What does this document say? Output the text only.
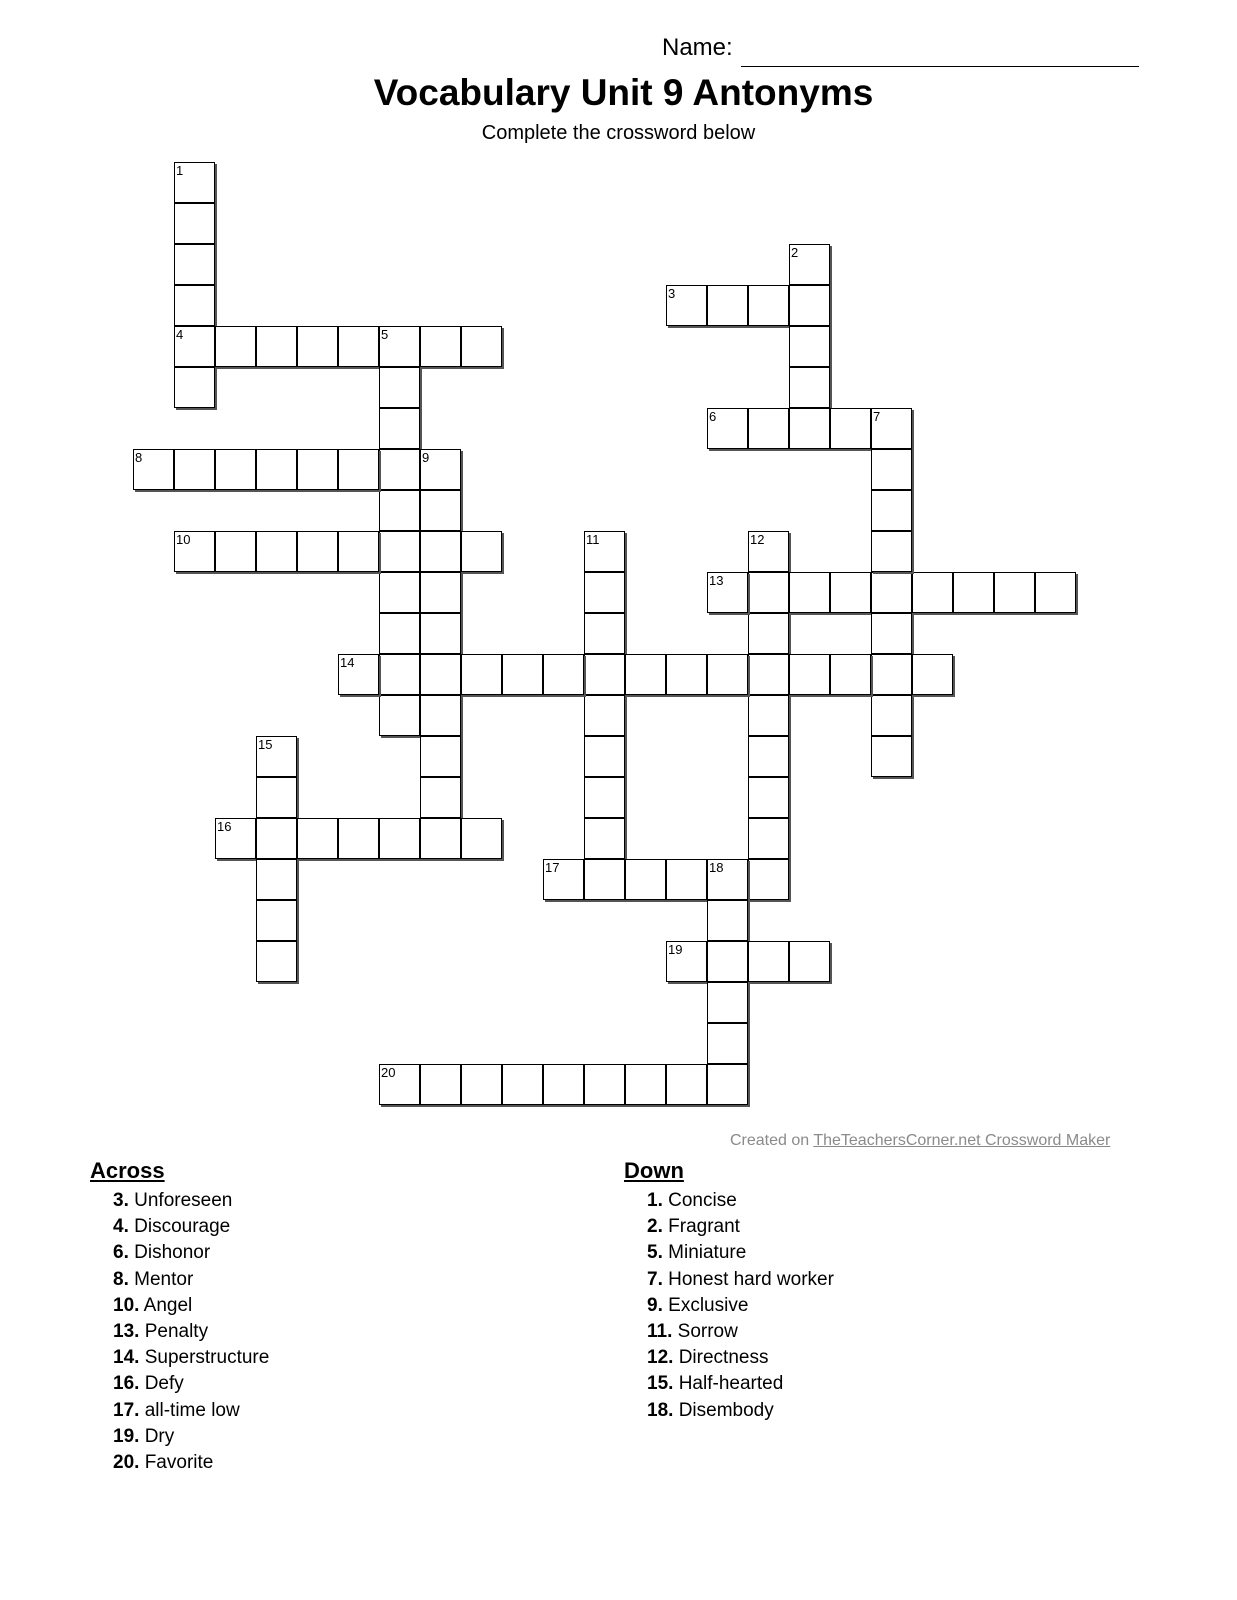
Name:
Vocabulary Unit 9 Antonyms
Complete the crossword below
1
4	5
2
3
6	7
8	9
10	11	12
13
14
15
16
17	18
19
20
Created on TheTeachersCorner.net Crossword Maker
Across
3. Unforeseen
4. Discourage
6. Dishonor
8. Mentor
10. Angel
13. Penalty
14. Superstructure
16. Defy
17. all-time low
19. Dry
20. Favorite
Down
1. Concise
2. Fragrant
5. Miniature
7. Honest hard worker
9. Exclusive
11. Sorrow
12. Directness
15. Half-hearted
18. Disembody
